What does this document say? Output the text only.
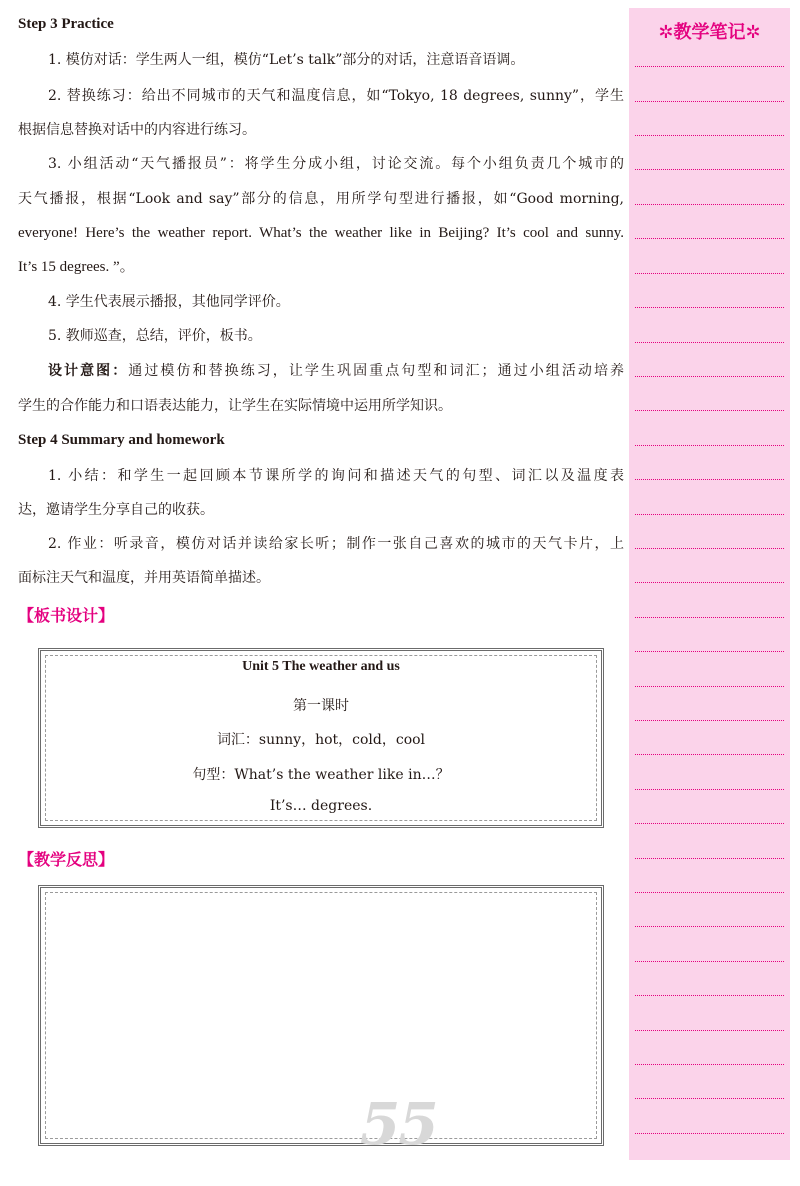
Step 3 Practice
1. 模仿对话：学生两人一组，模仿“Let’s talk”部分的对话，注意语音语调。
2. 替换练习：给出不同城市的天气和温度信息，如“Tokyo, 18 degrees, sunny”，学生
根据信息替换对话中的内容进行练习。
3. 小组活动“天气播报员”：将学生分成小组，讨论交流。每个小组负责几个城市的
天气播报，根据“Look and say”部分的信息，用所学句型进行播报，如“Good morning,
everyone! Here’s the weather report. What’s the weather like in Beijing? It’s cool and sunny.
It’s 15 degrees. ”。
4. 学生代表展示播报，其他同学评价。
5. 教师巡查，总结，评价，板书。
设计意图：通过模仿和替换练习，让学生巩固重点句型和词汇；通过小组活动培养
学生的合作能力和口语表达能力，让学生在实际情境中运用所学知识。
Step 4 Summary and homework
1. 小结：和学生一起回顾本节课所学的询问和描述天气的句型、词汇以及温度表
达，邀请学生分享自己的收获。
2. 作业：听录音，模仿对话并读给家长听；制作一张自己喜欢的城市的天气卡片，上
面标注天气和温度，并用英语简单描述。
【板书设计】
Unit 5 The weather and us
第一课时
词汇：sunny，hot，cold，cool
句型：What’s the weather like in…？
It’s… degrees.
【教学反思】
55
✲教学笔记✲
